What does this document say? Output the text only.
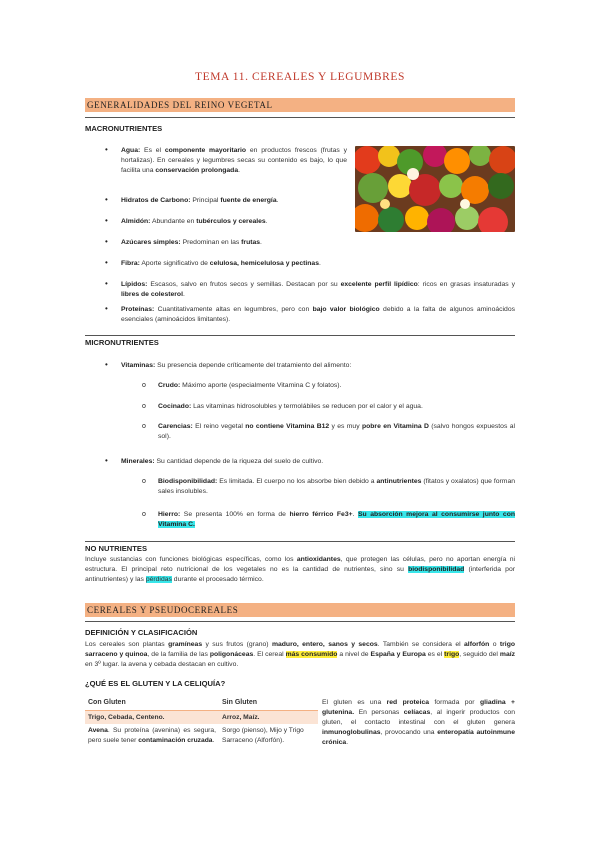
TEMA 11. CEREALES Y LEGUMBRES
GENERALIDADES DEL REINO VEGETAL
MACRONUTRIENTES
• Agua: Es el componente mayoritario en productos frescos (frutas y hortalizas). En cereales y legumbres secas su contenido es bajo, lo que facilita una conservación prolongada.
• Hidratos de Carbono: Principal fuente de energía.
• Almidón: Abundante en tubérculos y cereales.
• Azúcares simples: Predominan en las frutas.
• Fibra: Aporte significativo de celulosa, hemicelulosa y pectinas.
• Lípidos: Escasos, salvo en frutos secos y semillas. Destacan por su excelente perfil lipídico: ricos en grasas insaturadas y libres de colesterol.
• Proteínas: Cuantitativamente altas en legumbres, pero con bajo valor biológico debido a la falta de algunos aminoácidos esenciales (aminoácidos limitantes).
MICRONUTRIENTES
• Vitaminas: Su presencia depende críticamente del tratamiento del alimento:
o Crudo: Máximo aporte (especialmente Vitamina C y folatos).
o Cocinado: Las vitaminas hidrosolubles y termolábiles se reducen por el calor y el agua.
o Carencias: El reino vegetal no contiene Vitamina B12 y es muy pobre en Vitamina D (salvo hongos expuestos al sol).
• Minerales: Su cantidad depende de la riqueza del suelo de cultivo.
o Biodisponibilidad: Es limitada. El cuerpo no los absorbe bien debido a antinutrientes (fitatos y oxalatos) que forman sales insolubles.
o Hierro: Se presenta 100% en forma de hierro férrico Fe3+. Su absorción mejora al consumirse junto con Vitamina C.
NO NUTRIENTES
Incluye sustancias con funciones biológicas específicas, como los antioxidantes, que protegen las células, pero no aportan energía ni estructura. El principal reto nutricional de los vegetales no es la cantidad de nutrientes, sino su biodisponibilidad (interferida por antinutrientes) y las pérdidas durante el procesado térmico.
CEREALES Y PSEUDOCEREALES
DEFINICIÓN Y CLASIFICACIÓN
Los cereales son plantas gramíneas y sus frutos (grano) maduro, entero, sanos y secos. También se considera el alforfón o trigo sarraceno y quinoa, de la familia de las poligonáceas. El cereal más consumido a nivel de España y Europa es el trigo, seguido del maíz en 3º lugar. la avena y cebada destacan en cultivo.
¿QUÉ ES EL GLUTEN Y LA CELIQUÍA?
Con Gluten	Sin Gluten
Trigo, Cebada, Centeno.	Arroz, Maíz.
Avena. Su proteína (avenina) es segura, pero suele tener contaminación cruzada.	Sorgo (pienso), Mijo y Trigo Sarraceno (Alforfón).
El gluten es una red proteica formada por gliadina + glutenina. En personas celíacas, al ingerir productos con gluten, el contacto intestinal con el gluten genera inmunoglobulinas, provocando una enteropatía autoinmune crónica.
